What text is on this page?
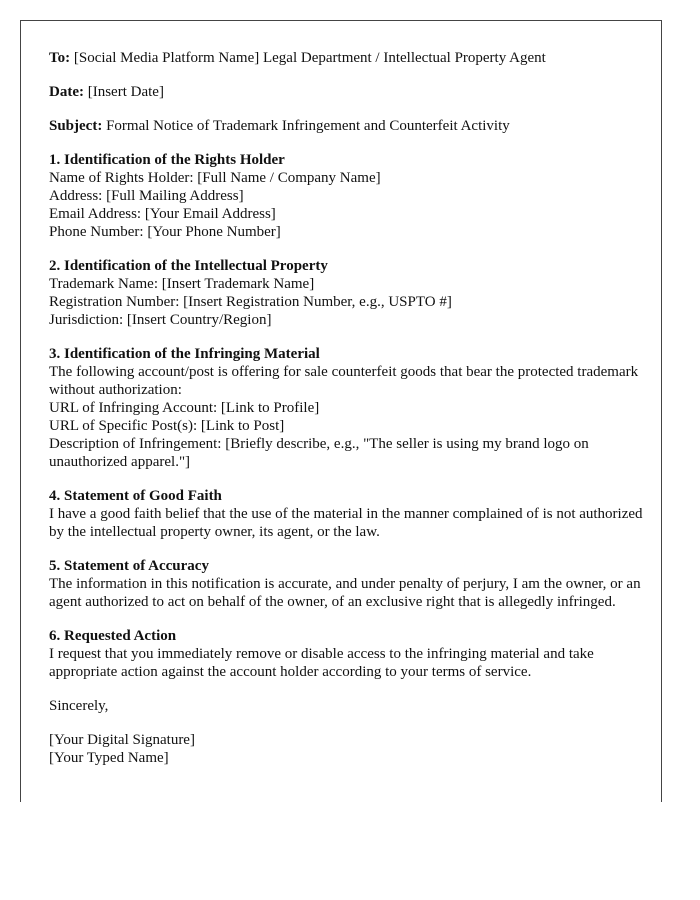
To: [Social Media Platform Name] Legal Department / Intellectual Property Agent

Date: [Insert Date]

Subject: Formal Notice of Trademark Infringement and Counterfeit Activity

1. Identification of the Rights Holder
Name of Rights Holder: [Full Name / Company Name]
Address: [Full Mailing Address]
Email Address: [Your Email Address]
Phone Number: [Your Phone Number]

2. Identification of the Intellectual Property
Trademark Name: [Insert Trademark Name]
Registration Number: [Insert Registration Number, e.g., USPTO #]
Jurisdiction: [Insert Country/Region]

3. Identification of the Infringing Material
The following account/post is offering for sale counterfeit goods that bear the protected trademark without authorization:
URL of Infringing Account: [Link to Profile]
URL of Specific Post(s): [Link to Post]
Description of Infringement: [Briefly describe, e.g., "The seller is using my brand logo on unauthorized apparel."]

4. Statement of Good Faith
I have a good faith belief that the use of the material in the manner complained of is not authorized by the intellectual property owner, its agent, or the law.

5. Statement of Accuracy
The information in this notification is accurate, and under penalty of perjury, I am the owner, or an agent authorized to act on behalf of the owner, of an exclusive right that is allegedly infringed.

6. Requested Action
I request that you immediately remove or disable access to the infringing material and take appropriate action against the account holder according to your terms of service.

Sincerely,

[Your Digital Signature]
[Your Typed Name]
